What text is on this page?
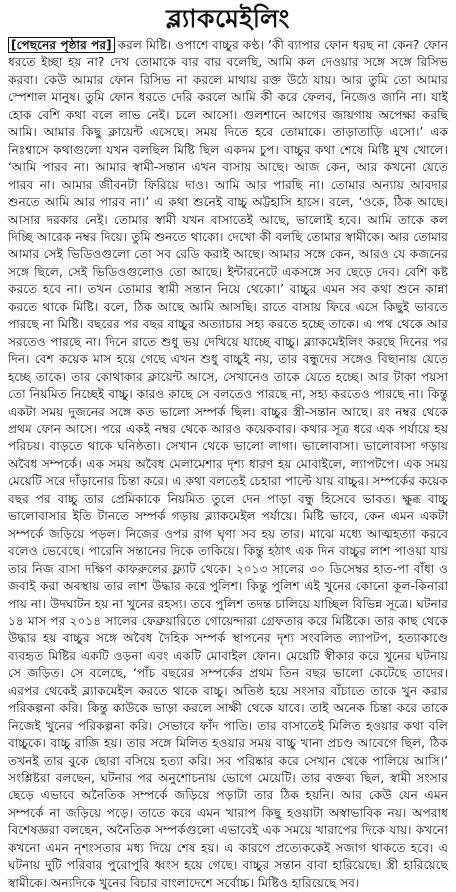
ব্ল্যাকমেইলিং

[পেছনের পৃষ্ঠার পর] করল মিষ্টি। ওপাশে বাচ্চুর কণ্ঠ। ‘কী ব্যাপার ফোন ধরছ না কেন? ফোন ধরতে ইচ্ছা হয় না? দেখ তোমাকে বার বার বলেছি, আমি কল দেওয়ার সঙ্গে সঙ্গে রিসিভ করবা। কেউ আমার ফোন রিসিভ না করলে মাথায় রক্ত উঠে যায়। আর তুমি তো আমার স্পেশাল মানুষ। তুমি ফোন ধরতে দেরি করলে আমি কী করে ফেলব, নিজেও জানি না। যাই হোক বেশি কথা বলে লাভ নেই। চলে আসো। গুলশানে আগের জায়গায় অপেক্ষা করছি আমি। আমার কিছু ক্লায়েন্ট এসেছে। সময় দিতে হবে তোমাকে। তাড়াতাড়ি এসো।’ এক নিঃশ্বাসে কথাগুলো যখন বলছিল মিষ্টি ছিল একদম চুপ। বাচ্চুর কথা শেষে মিষ্টি মুখ খোলে। ‘আমি পারব না। আমার স্বামী-সন্তান এখন বাসায় আছে। আজ কেন, আর কখনো যেতে পারব না। আমার জীবনটা ফিরিয়ে দাও। আমি আর পারছি না। তোমার অন্যায় আবদার শুনতে আমি আর পারব না।’ এ কথা শুনেই বাচ্চু অট্টহাসি হাসে। বলে, ‘ওকে, ঠিক আছে। আসার দরকার নেই। তোমার স্বামী যখন বাসাতেই আছে, ভালোই হবে। আমি তাকে কল দিচ্ছি আরেক নম্বর দিয়ে। তুমি শুনতে থাকো। দেখো কী বলছি তোমার স্বামীকে। আর তোমার আমার সেই ভিডিওগুলো তো সব রেডি করাই আছে। আমার সঙ্গে কেন, আরও যে কজনের সঙ্গে ছিলে, সেই ভিডিওগুলোও তো আছে। ইন্টারনেটে একসঙ্গে সব ছেড়ে দেব। বেশি কষ্ট করতে হবে না। তখন তোমার স্বামী সন্তান নিয়ে থেকো।’ বাচ্চুর এমন সব কথা শুনে কান্না করতে থাকে মিষ্টি। বলে, ঠিক আছে আমি আসছি। রাতে বাসায় ফিরে এসে কিছুই ভাবতে পারছে না মিষ্টি। বছরের পর বছর বাচ্চুর অত্যাচার সহ্য করতে হচ্ছে তাকে। এ পথ থেকে আর সরতেও পারছে না। দিনে রাতে শুধু ভয় দেখিয়ে যাচ্ছে বাচ্চু। ব্ল্যাকমেইলিং করছে দিনের পর দিন। বেশ কয়েক মাস হয়ে গেছে এখন শুধু বাচ্চুই নয়, তার বন্ধুদের সঙ্গেও বিছানায় যেতে হচ্ছে তাকে। তার কোথাকার ক্লায়েন্ট আসে, সেখানেও তাকে যেতে হচ্ছে। আর টাকা পয়সা তো নিয়মিত নিচ্ছেই বাচ্চু। কারও কাছে সে বলতেও পারছে না, সহ্য করতেও পারছে না। কিন্তু একটা সময় দুজনের সঙ্গে কত ভালো সম্পর্ক ছিল। বাচ্চুর স্ত্রী-সন্তান আছে। রং নম্বর থেকে প্রথম ফোন আসে। পরে একই নম্বর থেকে আরও কয়েকবার। কথার সূত্র ধরে এক পর্যায়ে হয় পরিচয়। বাড়তে থাকে ঘনিষ্ঠতা। সেখান থেকে ভালো লাগা। ভালোবাসা। ভালোবাসা গড়ায় অবৈধ সম্পর্কে। এক সময় অবৈধ মেলামেশার দৃশ্য ধারণ হয় মোবাইলে, ল্যাপটপে। এক সময় মেয়েটি সরে দাঁড়ানোর চিন্তা করে। এ কথা বলতেই চেহারা পাল্টে যায় বাচ্চুর। সম্পর্কের কয়েক বছর পর বাচ্চু তার প্রেমিকাকে নিয়মিত তুলে দেন পাড়া বন্ধু হিসেবে ভাবত। ক্ষুব্ধ বাচ্চু ভালোবাসার ইতি টানতে সম্পর্ক গড়ায় ব্ল্যাকমেইল পর্যায়ে। মিষ্টি ভাবে, কেন এমন একটা সম্পর্কে জড়িয়ে পড়ল। নিজের ওপর রাগ ঘৃণা সব হয় তার। মাঝে মধ্যে আত্মহত্যা করবে বলেও ভেবেছে। পারেনি সন্তানের দিকে তাকিয়ে। কিন্তু হঠাৎ এক দিন বাচ্চুর লাশ পাওয়া যায় তার নিজ বাসা দক্ষিণ কাফরুলের ফ্ল্যাট থেকে। ২০১৩ সালের ৩০ ডিসেম্বর হাত-পা বাঁধা ও জবাই করা অবস্থায় তার লাশ উদ্ধার করে পুলিশ। কিন্তু পুলিশ এই খুনের কোনো কূল-কিনারা পায় না। উদঘাটন হয় না খুনের রহস্য। তবে পুলিশ তদন্ত চালিয়ে যাচ্ছিল বিভিন্ন সূত্রে। ঘটনার ১৪ মাস পর ২০১৪ সালের ফেব্রুয়ারিতে গোয়েন্দারা গ্রেফতার করে মিষ্টিকে। তার কাছ থেকে উদ্ধার হয় বাচ্চুর সঙ্গে অবৈধ দৈহিক সম্পর্ক স্থাপনের দৃশ্য সংবলিত ল্যাপটপ, হত্যাকাণ্ডে ব্যবহৃত মিষ্টির একটি ওড়না এবং একটি মোবাইল ফোন। মেয়েটি স্বীকার করে খুনের ঘটনায় সে জড়িত। সে বলেছে, ‘পাঁচ বছরের সম্পর্কের প্রথম তিন বছর ভালো কেটেছে তাদের। এরপর থেকেই ব্ল্যাকমেইল করতে থাকে বাচ্চু। অতিষ্ঠ হয়ে সংসার বাঁচাতে তাকে খুন করার পরিকল্পনা করি। কিন্তু কাউকে ভাড়া করলে সাক্ষী থেকে যাবে। তাই অনেক চিন্তা করে তাকে নিজেই খুনের পরিকল্পনা করি। সেভাবে ফাঁদ পাতি। তার বাসাতেই মিলিত হওয়ার কথা বলি বাচ্চুকে। বাচ্চু রাজি হয়। তার সঙ্গে মিলিত হওয়ার সময় বাচ্চু খানা প্রচণ্ড আবেগে ছিল, ঠিক তখনই তার বুকে ছোরা বসিয়ে হত্যা করি। সব পরিষ্কার করে সেখান থেকে পালিয়ে আসি।’ সংশ্লিষ্টরা বলছেন, ঘটনার পর অনুশোচনায় ভোগে মেয়েটি। তার বক্তব্য ছিল, স্বামী সংসার ছেড়ে এভাবে অনৈতিক সম্পর্কে জড়িয়ে পড়াটা তার ঠিক হয়নি। আর কেউ যেন এমন সম্পর্কে না জড়িয়ে পড়ে। তাতে করে এমন খারাপ কিছু হওয়াটা অস্বাভাবিক নয়। অপরাধ বিশেষজ্ঞরা বলছেন, অনৈতিক সম্পর্কগুলো এভাবেই এক সময়ে খারাপের দিকে যায়। কখনো কখনো এমন নৃশংসতার মধ্য দিয়ে শেষ হয়। এ কারণে প্রত্যেককেই সজাগ থাকতে হবে। এ ঘটনায় দুটি পরিবার পুরোপুরি ধ্বংস হয়ে গেছে। বাচ্চুর সন্তান বাবা হারিয়েছে। স্ত্রী হারিয়েছে স্বামীকে। অন্যদিকে খুনের বিচার বাংলাদেশে সর্বোচ্চ। মিষ্টিও হারিয়েছে সব।
